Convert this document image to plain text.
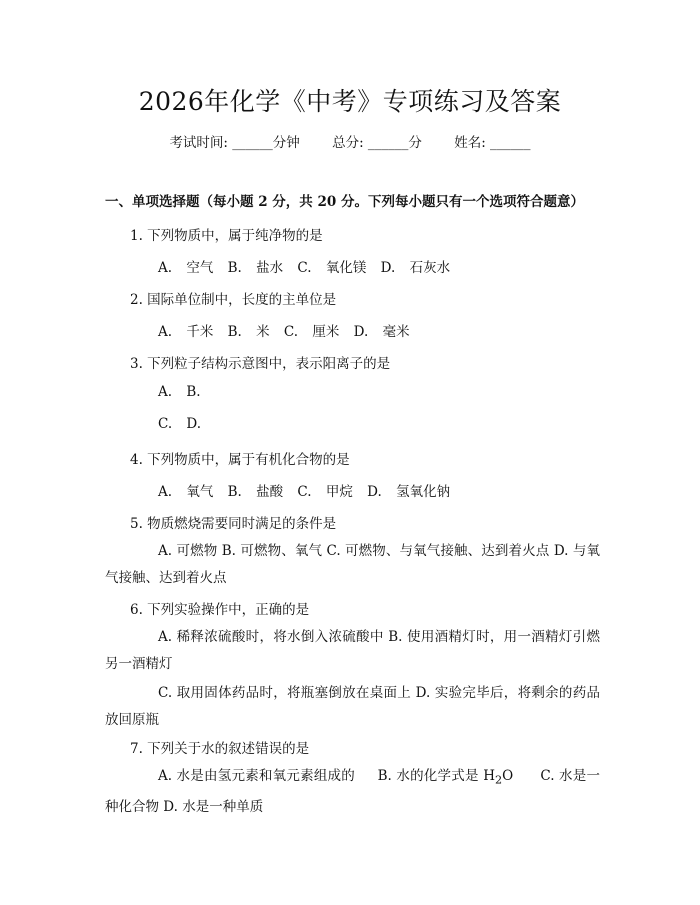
2026年化学《中考》专项练习及答案
考试时间: ______分钟 总分: ______分 姓名: ______
一、单项选择题（每小题 2 分，共 20 分。下列每小题只有一个选项符合题意）
1. 下列物质中，属于纯净物的是
A. 空气 B. 盐水 C. 氧化镁 D. 石灰水
2. 国际单位制中，长度的主单位是
A. 千米 B. 米 C. 厘米 D. 毫米
3. 下列粒子结构示意图中，表示阳离子的是
A. B.
C. D.
4. 下列物质中，属于有机化合物的是
A. 氧气 B. 盐酸 C. 甲烷 D. 氢氧化钠
5. 物质燃烧需要同时满足的条件是
A. 可燃物 B. 可燃物、氧气 C. 可燃物、与氧气接触、达到着火点 D. 与氧气接触、达到着火点
6. 下列实验操作中，正确的是
A. 稀释浓硫酸时，将水倒入浓硫酸中 B. 使用酒精灯时，用一酒精灯引燃另一酒精灯
C. 取用固体药品时，将瓶塞倒放在桌面上 D. 实验完毕后，将剩余的药品放回原瓶
7. 下列关于水的叙述错误的是
A. 水是由氢元素和氧元素组成的 B. 水的化学式是 $H_2O$ C. 水是一种化合物 D. 水是一种单质
